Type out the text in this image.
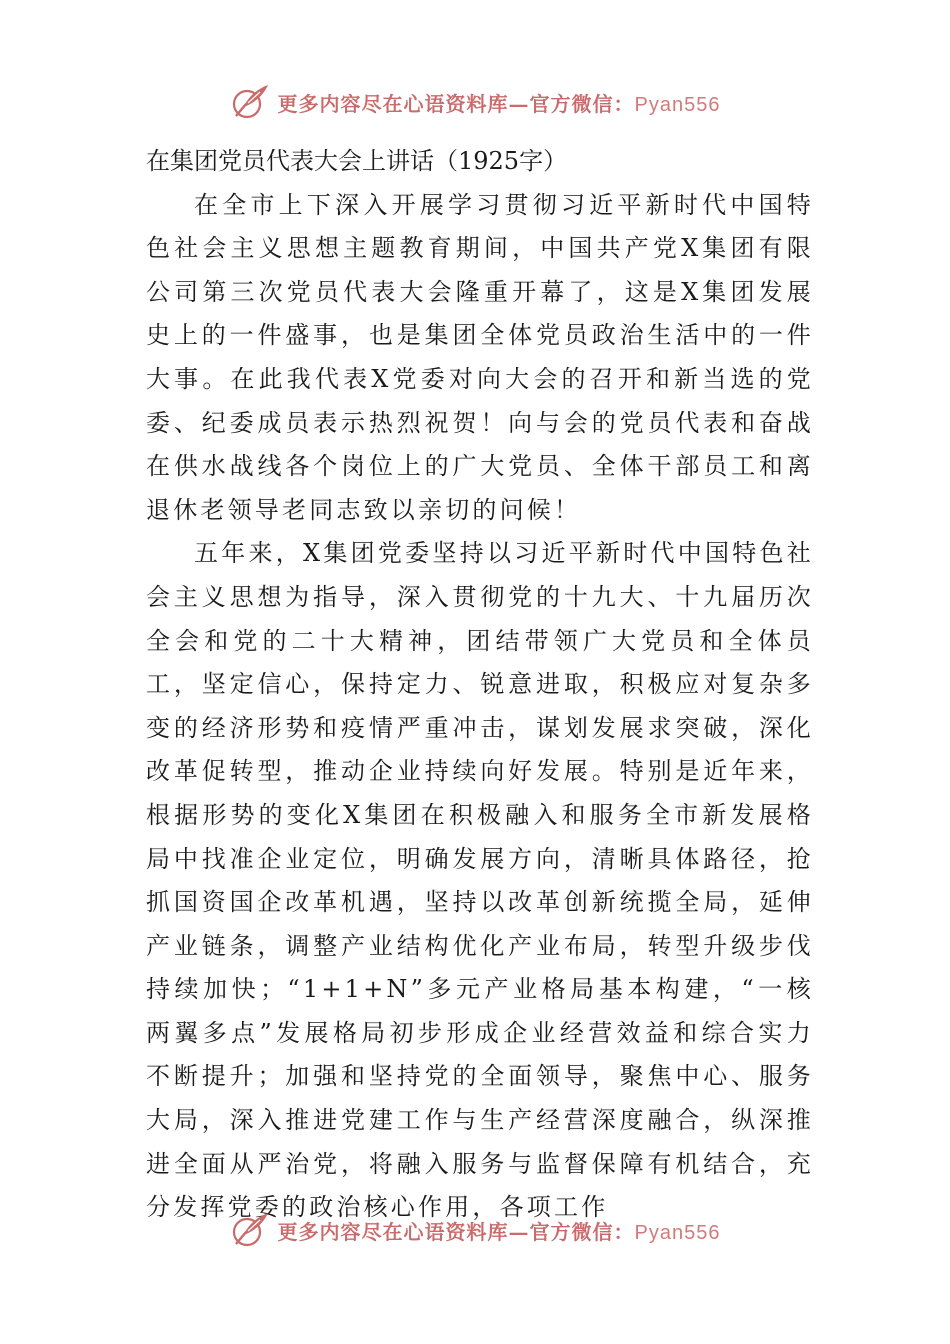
更多内容尽在心语资料库—官方微信：Pyan556

在集团党员代表大会上讲话（1925字）

在全市上下深入开展学习贯彻习近平新时代中国特色社会主义思想主题教育期间，中国共产党X集团有限公司第三次党员代表大会隆重开幕了，这是X集团发展史上的一件盛事，也是集团全体党员政治生活中的一件大事。在此我代表X党委对向大会的召开和新当选的党委、纪委成员表示热烈祝贺！向与会的党员代表和奋战在供水战线各个岗位上的广大党员、全体干部员工和离退休老领导老同志致以亲切的问候！

五年来，X集团党委坚持以习近平新时代中国特色社会主义思想为指导，深入贯彻党的十九大、十九届历次全会和党的二十大精神，团结带领广大党员和全体员工，坚定信心，保持定力、锐意进取，积极应对复杂多变的经济形势和疫情严重冲击，谋划发展求突破，深化改革促转型，推动企业持续向好发展。特别是近年来，根据形势的变化X集团在积极融入和服务全市新发展格局中找准企业定位，明确发展方向，清晰具体路径，抢抓国资国企改革机遇，坚持以改革创新统揽全局，延伸产业链条，调整产业结构优化产业布局，转型升级步伐持续加快；“1+1+N”多元产业格局基本构建，“一核两翼多点”发展格局初步形成企业经营效益和综合实力不断提升；加强和坚持党的全面领导，聚焦中心、服务大局，深入推进党建工作与生产经营深度融合，纵深推进全面从严治党，将融入服务与监督保障有机结合，充分发挥党委的政治核心作用，各项工作

更多内容尽在心语资料库—官方微信：Pyan556
